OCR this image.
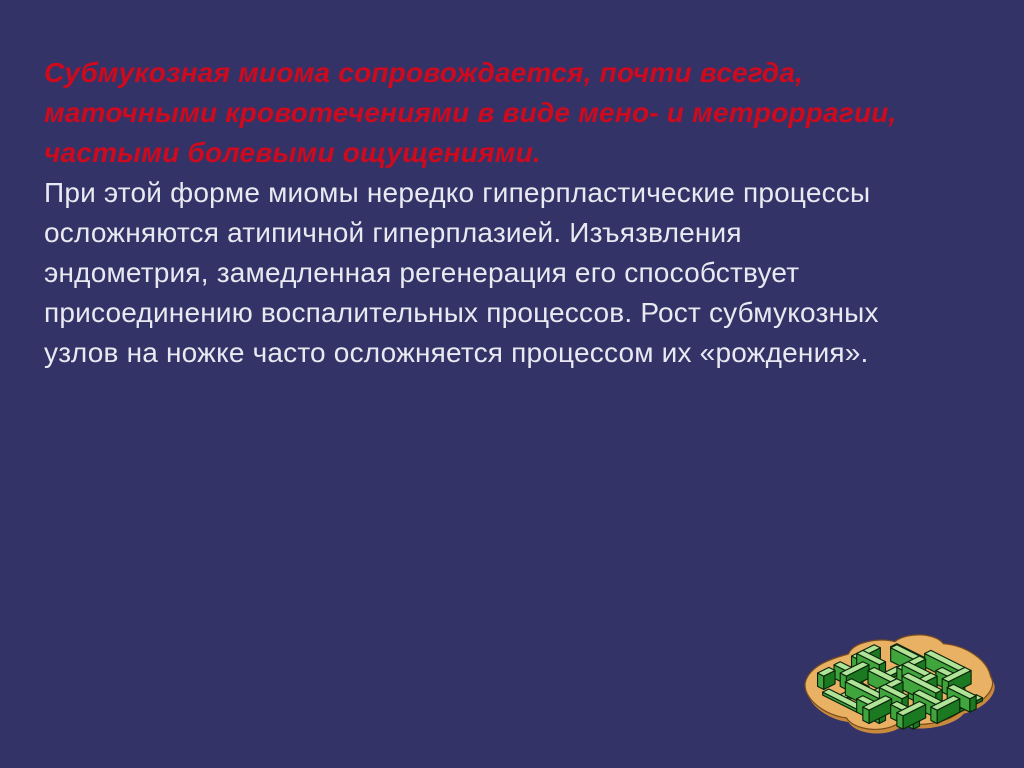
Субмукозная миома сопровождается, почти всегда,
маточными кровотечениями в виде мено- и метроррагии,
частыми болевыми ощущениями.
При этой форме миомы нередко гиперпластические процессы
осложняются атипичной гиперплазией. Изъязвления
эндометрия, замедленная регенерация его способствует
присоединению воспалительных процессов. Рост субмукозных
узлов на ножке часто осложняется процессом их «рождения».
